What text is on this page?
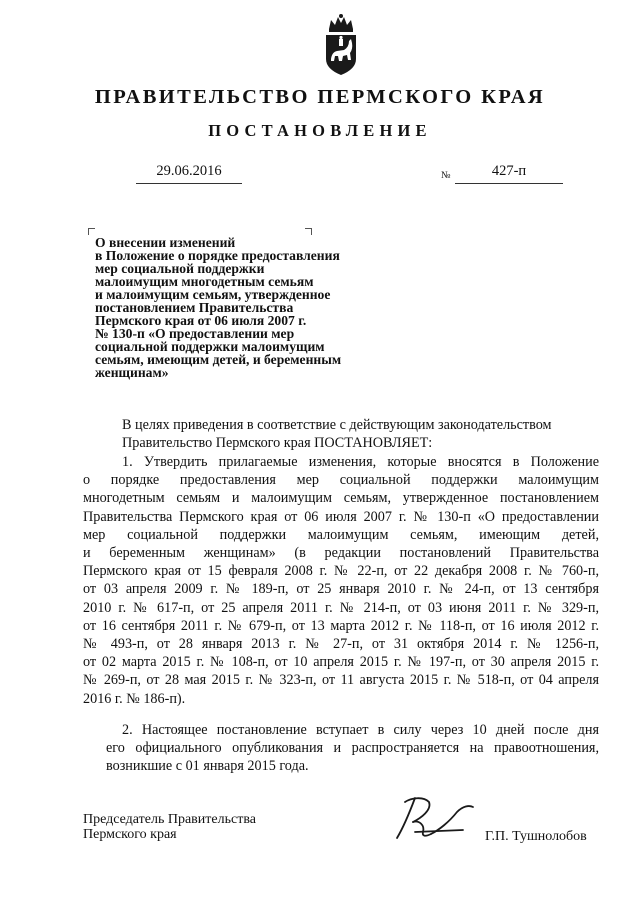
ПРАВИТЕЛЬСТВО ПЕРМСКОГО КРАЯ
ПОСТАНОВЛЕНИЕ
29.06.2016	№	427-п
О внесении изменений
в Положение о порядке предоставления
мер социальной поддержки
малоимущим многодетным семьям
и малоимущим семьям, утвержденное
постановлением Правительства
Пермского края от 06 июля 2007 г.
№ 130-п «О предоставлении мер
социальной поддержки малоимущим
семьям, имеющим детей, и беременным
женщинам»
В целях приведения в соответствие с действующим законодательством
Правительство Пермского края ПОСТАНОВЛЯЕТ:
1. Утвердить прилагаемые изменения, которые вносятся в Положение
о порядке предоставления мер социальной поддержки малоимущим
многодетным семьям и малоимущим семьям, утвержденное постановлением
Правительства Пермского края от 06 июля 2007 г. № 130-п «О предоставлении
мер социальной поддержки малоимущим семьям, имеющим детей,
и беременным женщинам» (в редакции постановлений Правительства
Пермского края от 15 февраля 2008 г. № 22-п, от 22 декабря 2008 г. № 760-п,
от 03 апреля 2009 г. № 189-п, от 25 января 2010 г. № 24-п, от 13 сентября
2010 г. № 617-п, от 25 апреля 2011 г. № 214-п, от 03 июня 2011 г. № 329-п,
от 16 сентября 2011 г. № 679-п, от 13 марта 2012 г. № 118-п, от 16 июля 2012 г.
№ 493-п, от 28 января 2013 г. № 27-п, от 31 октября 2014 г. № 1256-п,
от 02 марта 2015 г. № 108-п, от 10 апреля 2015 г. № 197-п, от 30 апреля 2015 г.
№ 269-п, от 28 мая 2015 г. № 323-п, от 11 августа 2015 г. № 518-п, от 04 апреля
2016 г. № 186-п).
2. Настоящее постановление вступает в силу через 10 дней после дня
его официального опубликования и распространяется на правоотношения,
возникшие с 01 января 2015 года.
Председатель Правительства
Пермского края	Г.П. Тушнолобов
